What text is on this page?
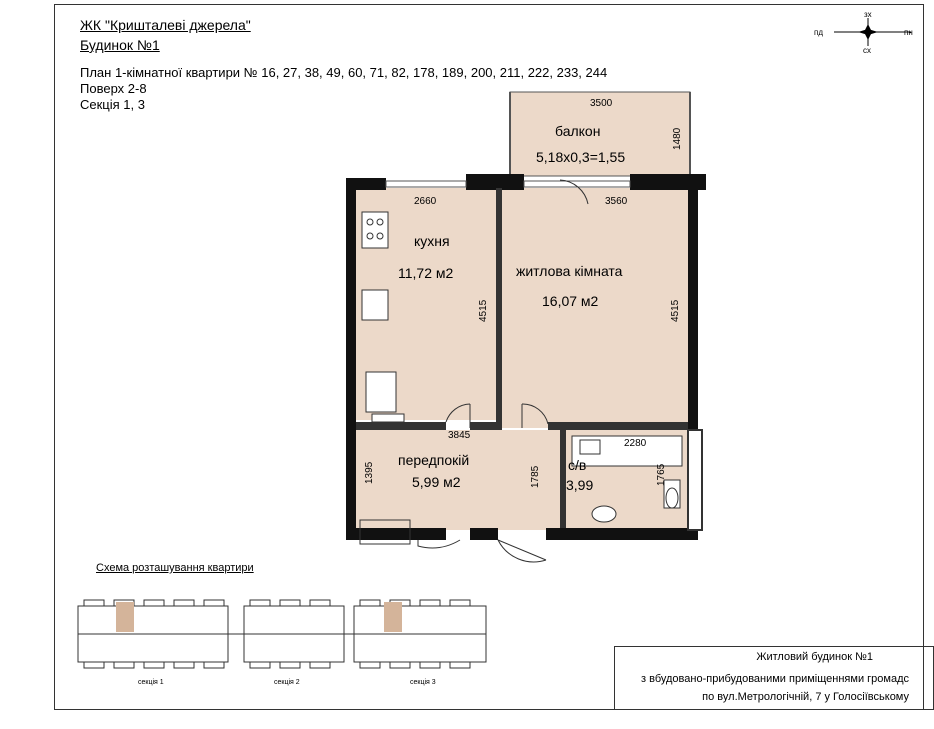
ЖК "Кришталеві джерела"
Будинок №1
План 1-кімнатної квартири № 16, 27, 38, 49, 60, 71, 82, 178, 189, 200, 211, 222, 233, 244
Поверх 2-8
Секція 1, 3
зх
сх
пд	пн
балкон
5,18х0,3=1,55
кухня
11,72 м2	житлова кімната
16,07 м2
передпокій
5,99 м2
с/в
3,99
3500
1480
2660
4515
3560
4515
3845
1395	1785
2280
1765
Схема розташування квартири
секція 1	секція 2	секція 3
Житловий будинок №1
з вбудовано-прибудованими приміщеннями громадс
по вул.Метрологічній, 7 у Голосіївському
